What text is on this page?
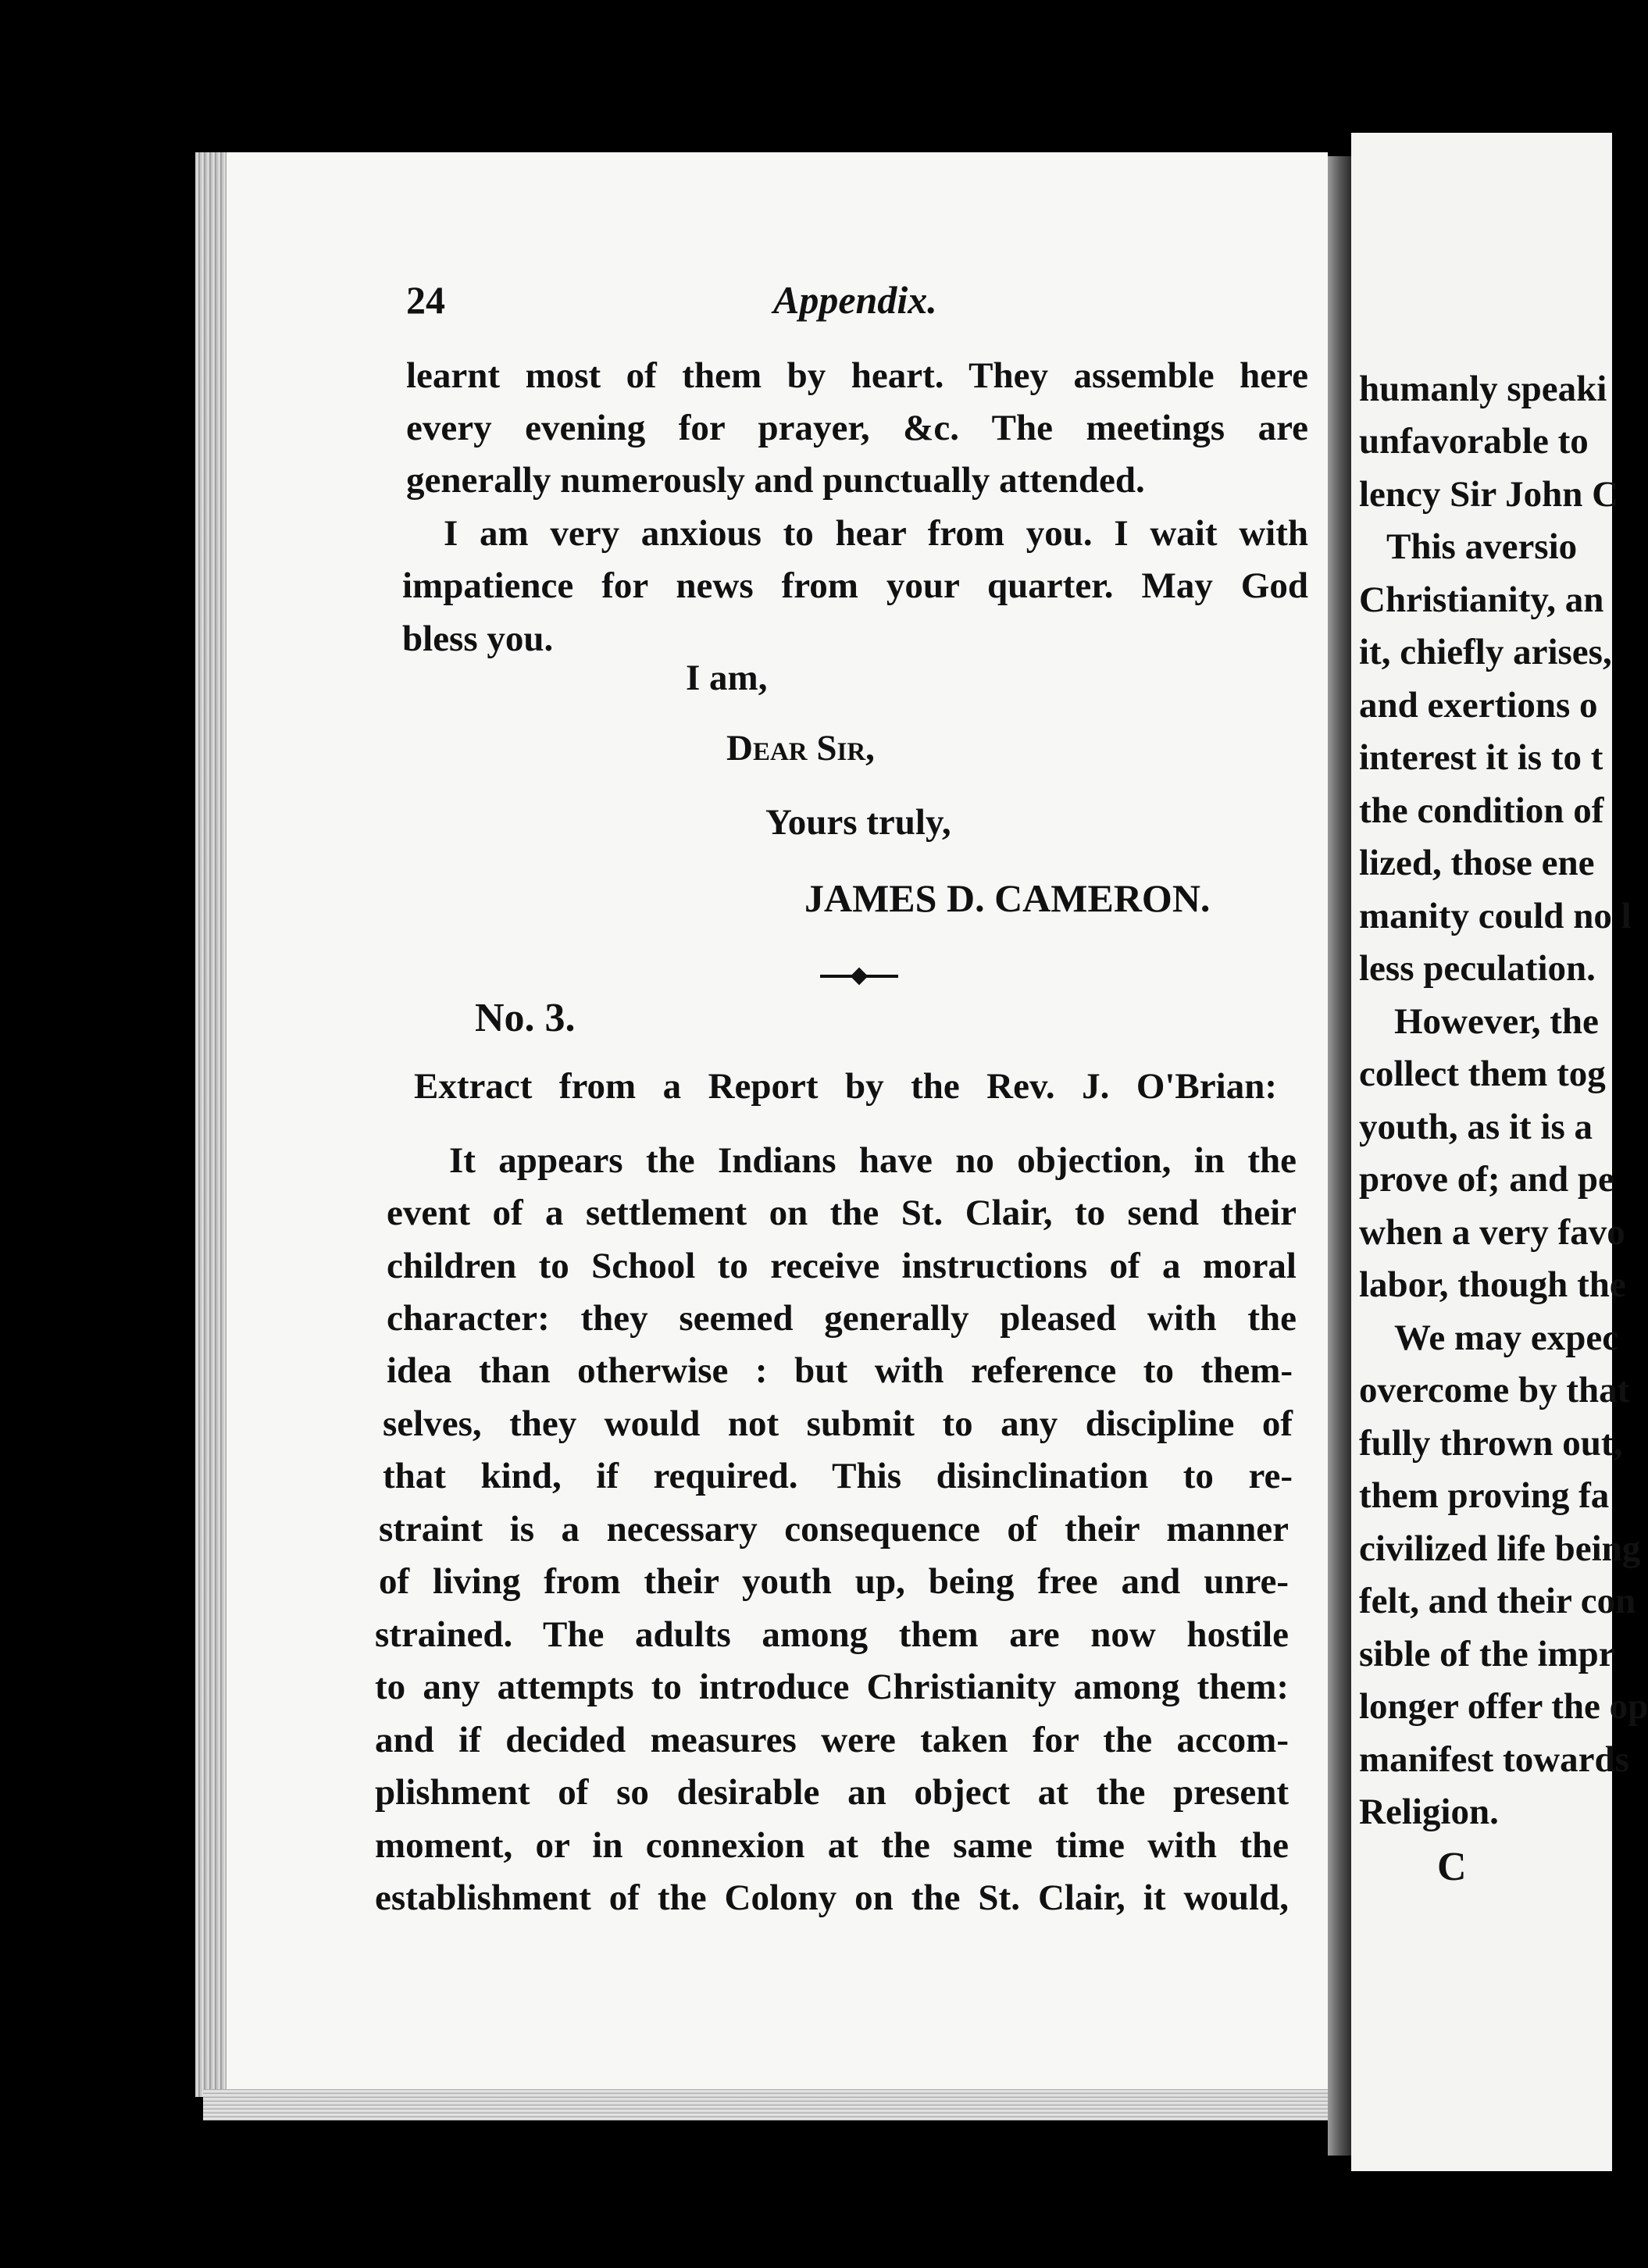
24	Appendix.
learnt most of them by heart. They assemble here
every evening for prayer, &c. The meetings are
generally numerously and punctually attended.
I am very anxious to hear from you. I wait with
impatience for news from your quarter. May God
bless you.
I am,
Dear Sir,
Yours truly,
JAMES D. CAMERON.
No. 3.
Extract from a Report by the Rev. J. O'Brian:
It appears the Indians have no objection, in the
event of a settlement on the St. Clair, to send their
children to School to receive instructions of a moral
character: they seemed generally pleased with the
idea than otherwise : but with reference to them-
selves, they would not submit to any discipline of
that kind, if required. This disinclination to re-
straint is a necessary consequence of their manner
of living from their youth up, being free and unre-
strained. The adults among them are now hostile
to any attempts to introduce Christianity among them:
and if decided measures were taken for the accom-
plishment of so desirable an object at the present
moment, or in connexion at the same time with the
establishment of the Colony on the St. Clair, it would,
humanly speaki
unfavorable to
lency Sir John C
This aversio
Christianity, an
it, chiefly arises,
and exertions o
interest it is to t
the condition of
lized, those ene
manity could no l
less peculation.
However, the
collect them tog
youth, as it is a
prove of; and pe
when a very favo
labor, though the
We may expec
overcome by that
fully thrown out,
them proving fa
civilized life being
felt, and their con
sible of the impr
longer offer the op
manifest towards
Religion.
C
